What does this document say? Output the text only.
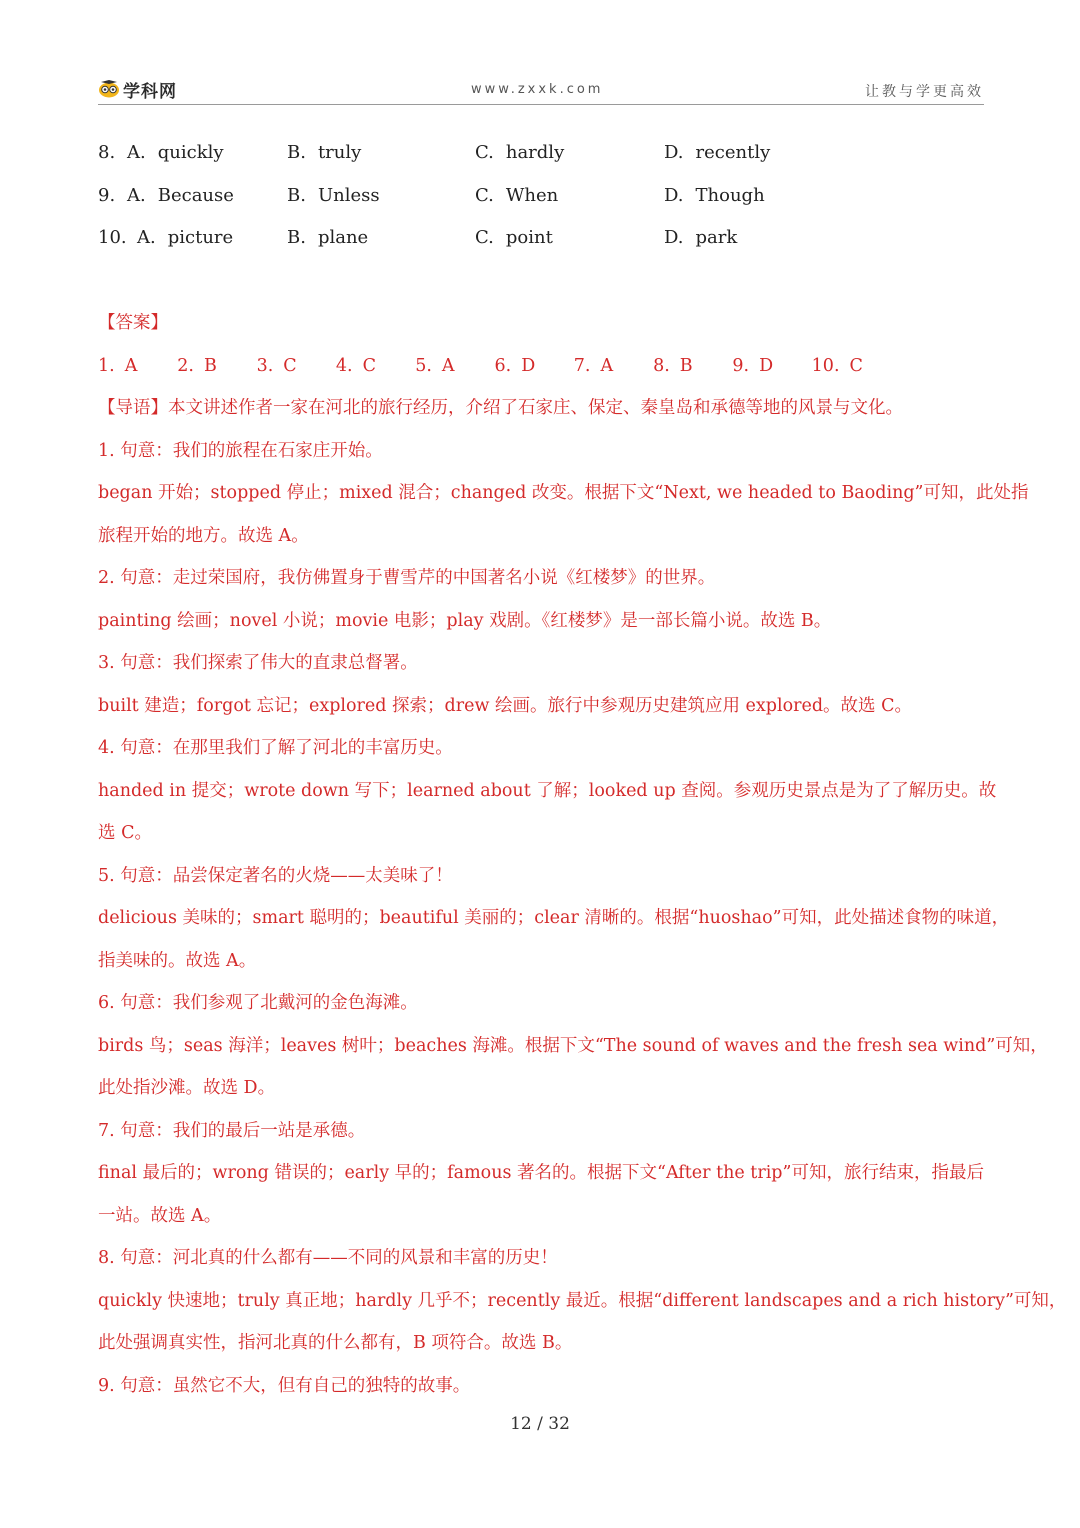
学科网	www.zxxk.com	让教与学更高效
8. A. quickly	B. truly	C. hardly	D. recently
9. A. Because	B. Unless	C. When	D. Though
10. A. picture	B. plane	C. point	D. park
【答案】
1. A	2. B	3. C	4. C	5. A	6. D	7. A	8. B	9. D	10. C
【导语】本文讲述作者一家在河北的旅行经历，介绍了石家庄、保定、秦皇岛和承德等地的风景与文化。
1. 句意：我们的旅程在石家庄开始。
began 开始；stopped 停止；mixed 混合；changed 改变。根据下文“Next, we headed to Baoding”可知，此处指
旅程开始的地方。故选 A。
2. 句意：走过荣国府，我仿佛置身于曹雪芹的中国著名小说《红楼梦》的世界。
painting 绘画；novel 小说；movie 电影；play 戏剧。《红楼梦》是一部长篇小说。故选 B。
3. 句意：我们探索了伟大的直隶总督署。
built 建造；forgot 忘记；explored 探索；drew 绘画。旅行中参观历史建筑应用 explored。故选 C。
4. 句意：在那里我们了解了河北的丰富历史。
handed in 提交；wrote down 写下；learned about 了解；looked up 查阅。参观历史景点是为了了解历史。故
选 C。
5. 句意：品尝保定著名的火烧——太美味了！
delicious 美味的；smart 聪明的；beautiful 美丽的；clear 清晰的。根据“huoshao”可知，此处描述食物的味道，
指美味的。故选 A。
6. 句意：我们参观了北戴河的金色海滩。
birds 鸟；seas 海洋；leaves 树叶；beaches 海滩。根据下文“The sound of waves and the fresh sea wind”可知，
此处指沙滩。故选 D。
7. 句意：我们的最后一站是承德。
final 最后的；wrong 错误的；early 早的；famous 著名的。根据下文“After the trip”可知，旅行结束，指最后
一站。故选 A。
8. 句意：河北真的什么都有——不同的风景和丰富的历史！
quickly 快速地；truly 真正地；hardly 几乎不；recently 最近。根据“different landscapes and a rich history”可知，
此处强调真实性，指河北真的什么都有，B 项符合。故选 B。
9. 句意：虽然它不大，但有自己的独特的故事。
12 / 32
